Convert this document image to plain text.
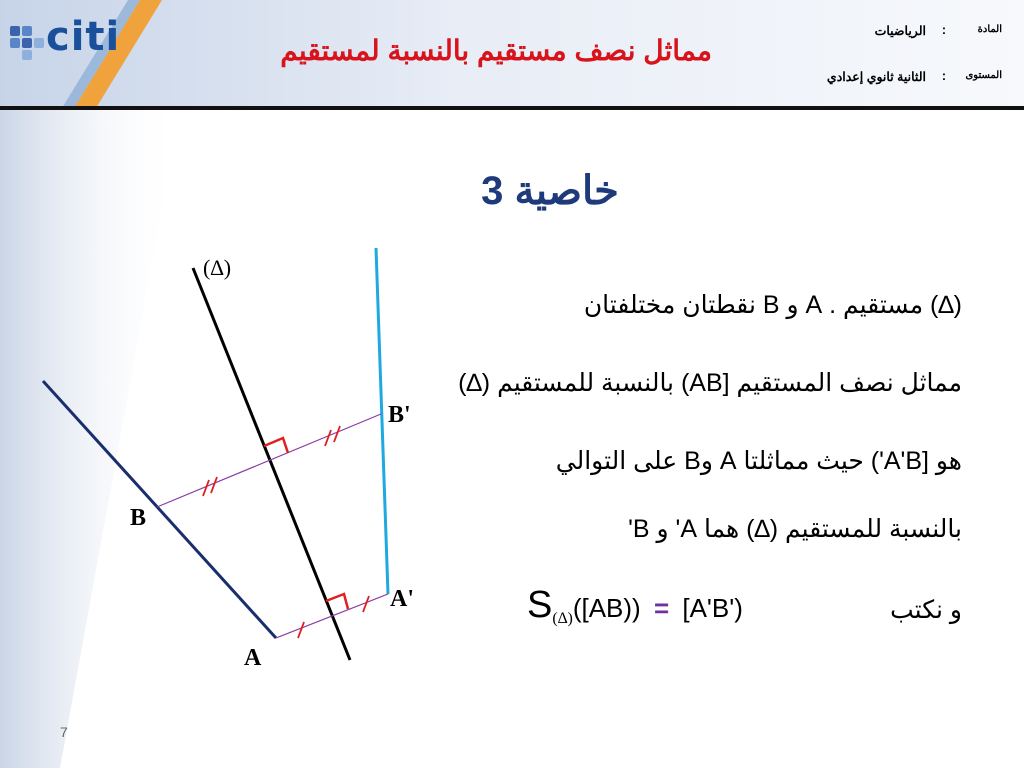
citi	مماثل نصف مستقيم بالنسبة لمستقيم
المادة
:
الرياضيات
المستوى
:
الثانية ثانوي إعدادي
خاصية 3
(∆)
B
A
A'
B'
(∆) مستقيم . A و B نقطتان مختلفتان
مماثل نصف المستقيم [AB) بالنسبة للمستقيم (∆)
هو [A'B') حيث مماثلتا A وB على التوالي
بالنسبة للمستقيم (∆) هما A' و B'
و نكتب
$S_{(\Delta)}([AB)) = [A'B')$
7
